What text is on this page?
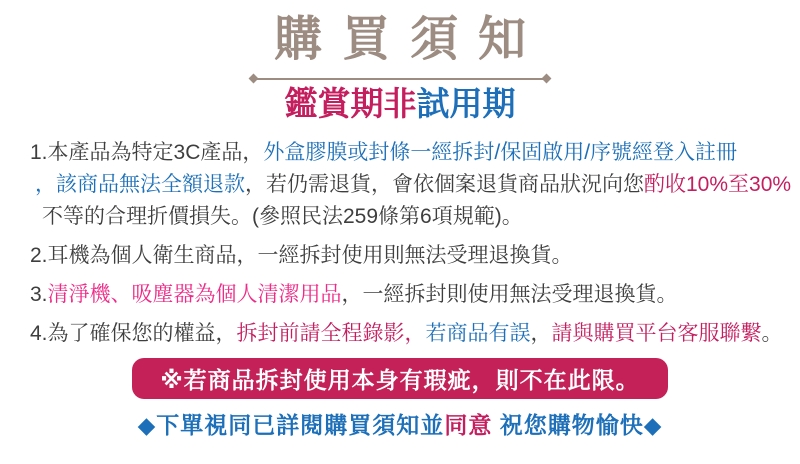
購買須知
鑑賞期非試用期
1.本產品為特定3C產品，外盒膠膜或封條一經拆封/保固啟用/序號經登入註冊
，該商品無法全額退款，若仍需退貨，會依個案退貨商品狀況向您酌收10%至30%
不等的合理折價損失。(參照民法259條第6項規範)。
2.耳機為個人衛生商品，一經拆封使用則無法受理退換貨。
3.清淨機、吸塵器為個人清潔用品，一經拆封則使用無法受理退換貨。
4.為了確保您的權益，拆封前請全程錄影，若商品有誤，請與購買平台客服聯繫。
※若商品拆封使用本身有瑕疵，則不在此限。
◆下單視同已詳閱購買須知並同意 祝您購物愉快◆
